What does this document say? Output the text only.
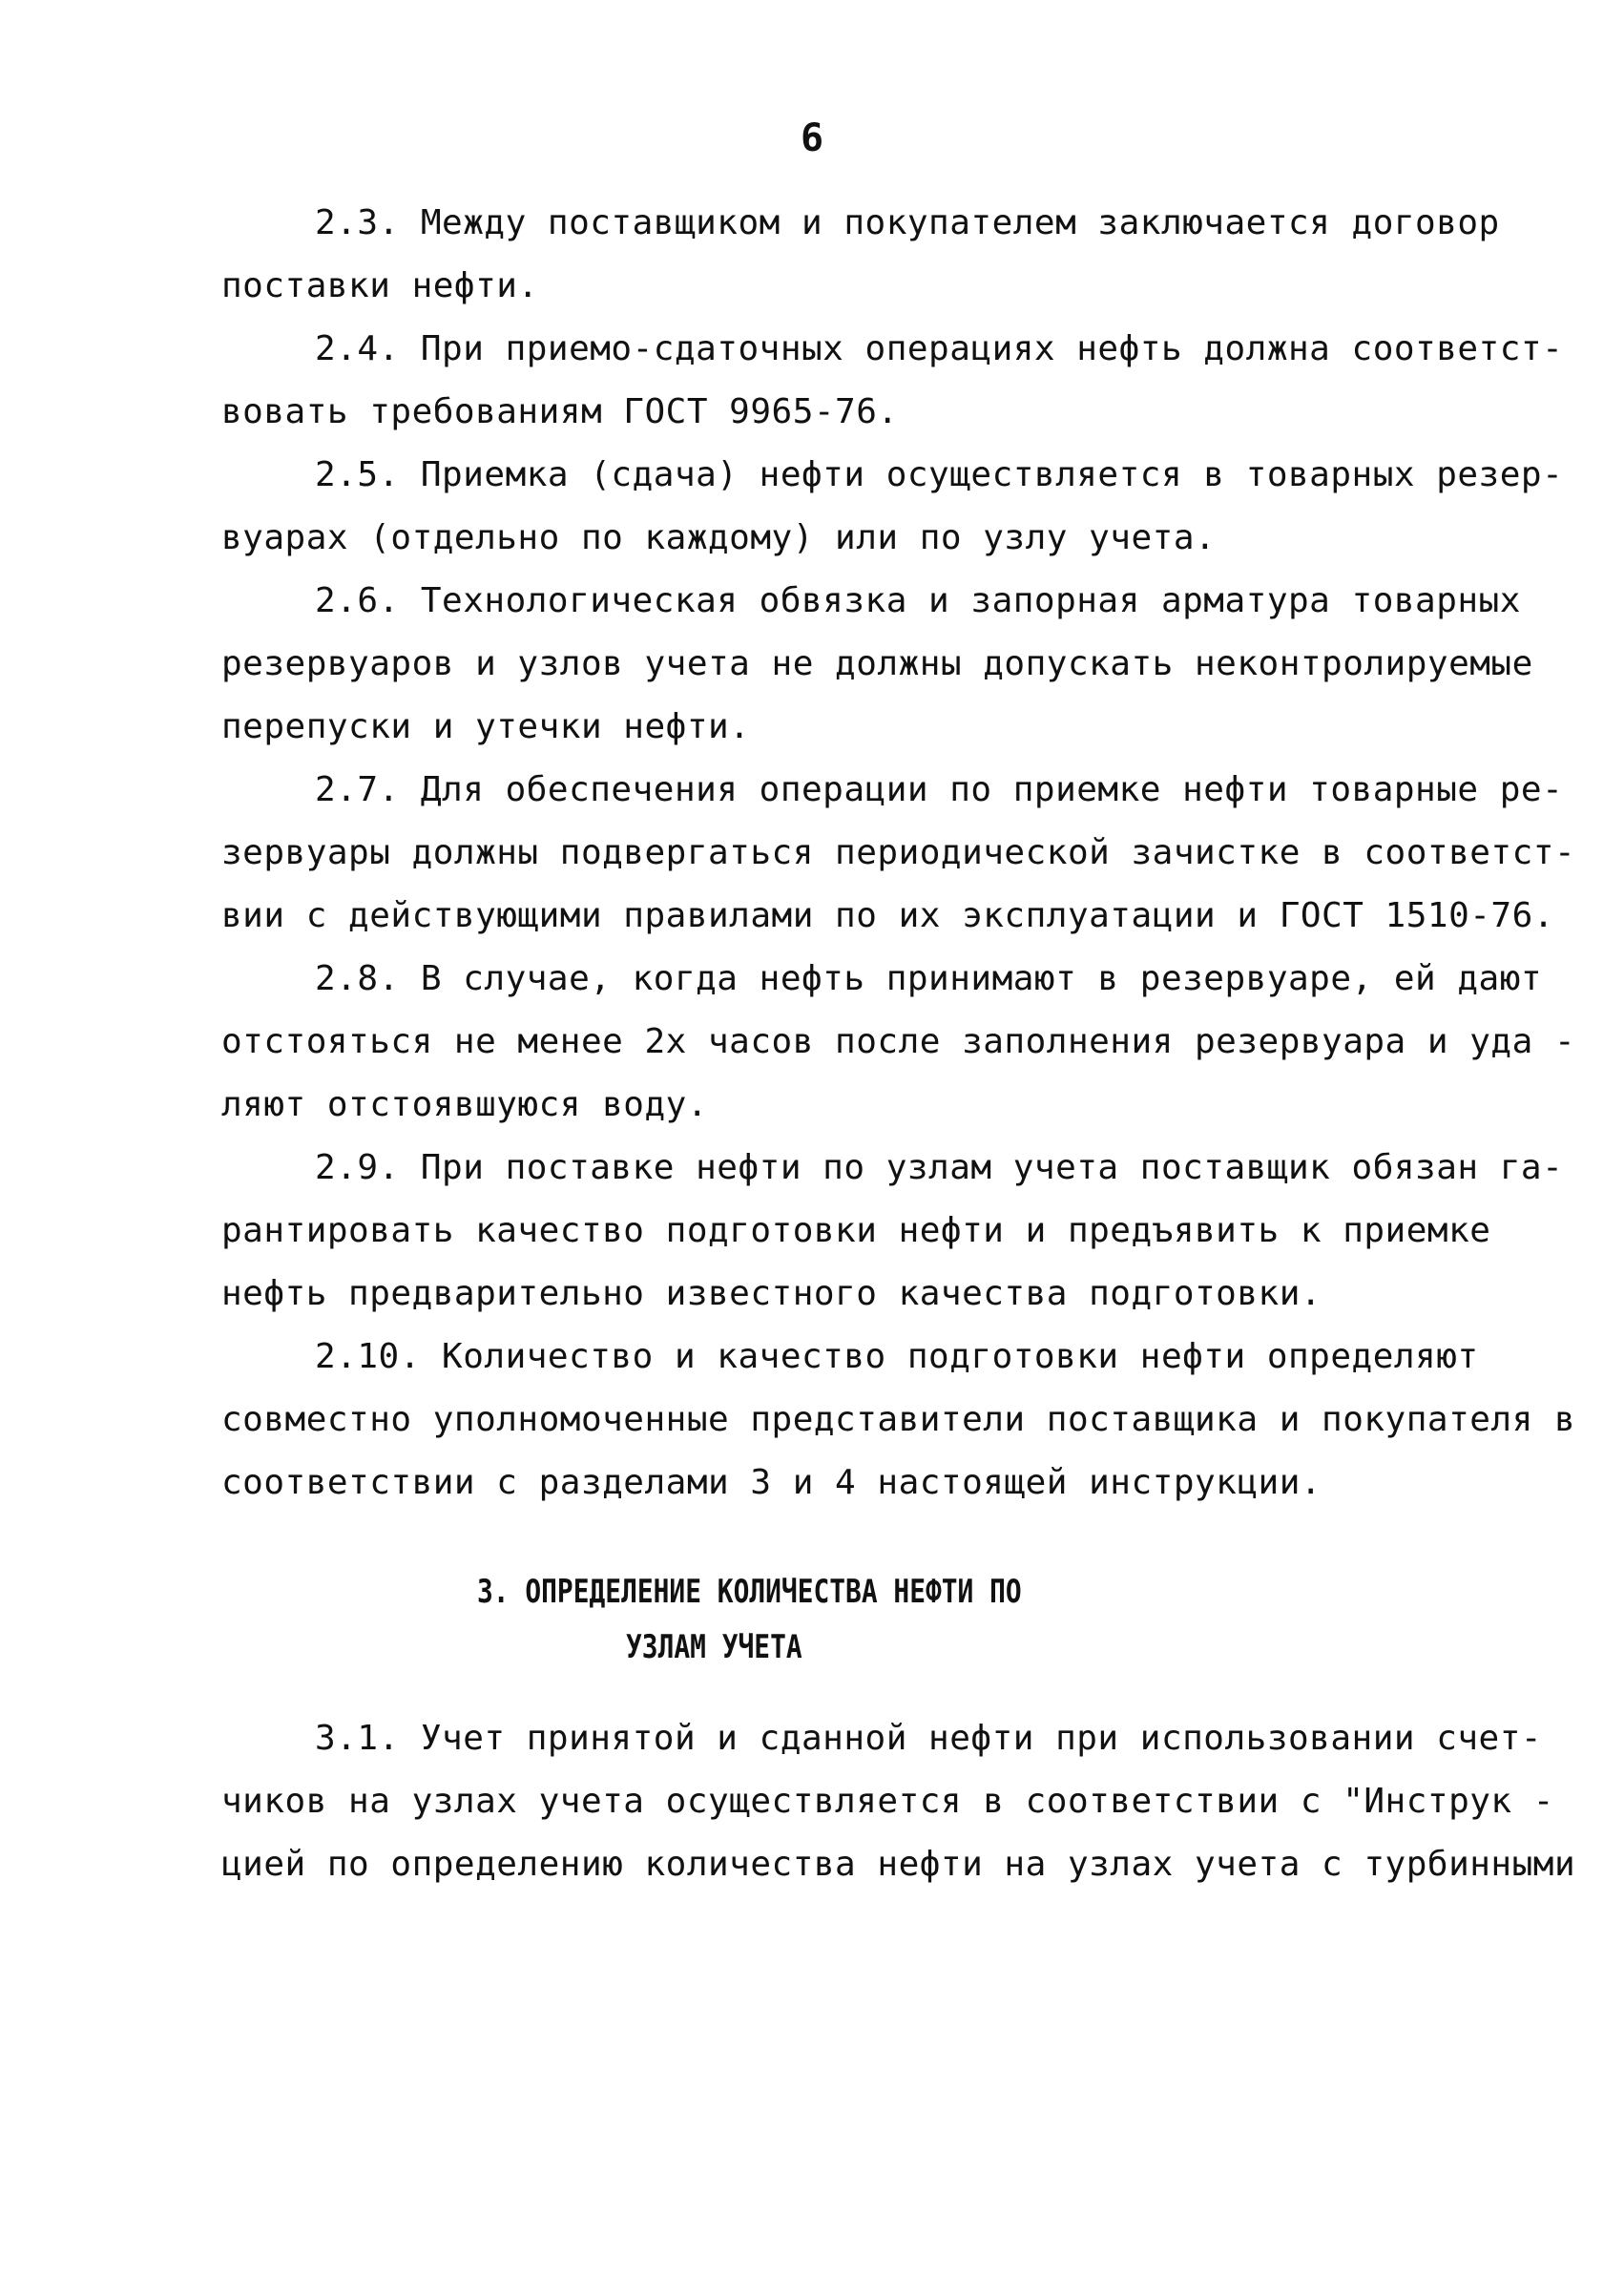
6
2.3. Между поставщиком и покупателем заключается договор
поставки нефти.
2.4. При приемо-сдаточных операциях нефть должна соответст-
вовать требованиям ГОСТ 9965-76.
2.5. Приемка (сдача) нефти осуществляется в товарных резер-
вуарах (отдельно по каждому) или по узлу учета.
2.6. Технологическая обвязка и запорная арматура товарных
резервуаров и узлов учета не должны допускать неконтролируемые
перепуски и утечки нефти.
2.7. Для обеспечения операции по приемке нефти товарные ре-
зервуары должны подвергаться периодической зачистке в соответст-
вии с действующими правилами по их эксплуатации и ГОСТ 1510-76.
2.8. В случае, когда нефть принимают в резервуаре, ей дают
отстояться не менее 2х часов после заполнения резервуара и уда -
ляют отстоявшуюся воду.
2.9. При поставке нефти по узлам учета поставщик обязан га-
рантировать качество подготовки нефти и предъявить к приемке
нефть предварительно известного качества подготовки.
2.10. Количество и качество подготовки нефти определяют
совместно уполномоченные представители поставщика и покупателя в
соответствии с разделами 3 и 4 настоящей инструкции.
3. ОПРЕДЕЛЕНИЕ КОЛИЧЕСТВА НЕФТИ ПО
УЗЛАМ УЧЕТА
3.1. Учет принятой и сданной нефти при использовании счет-
чиков на узлах учета осуществляется в соответствии с "Инструк -
цией по определению количества нефти на узлах учета с турбинными
